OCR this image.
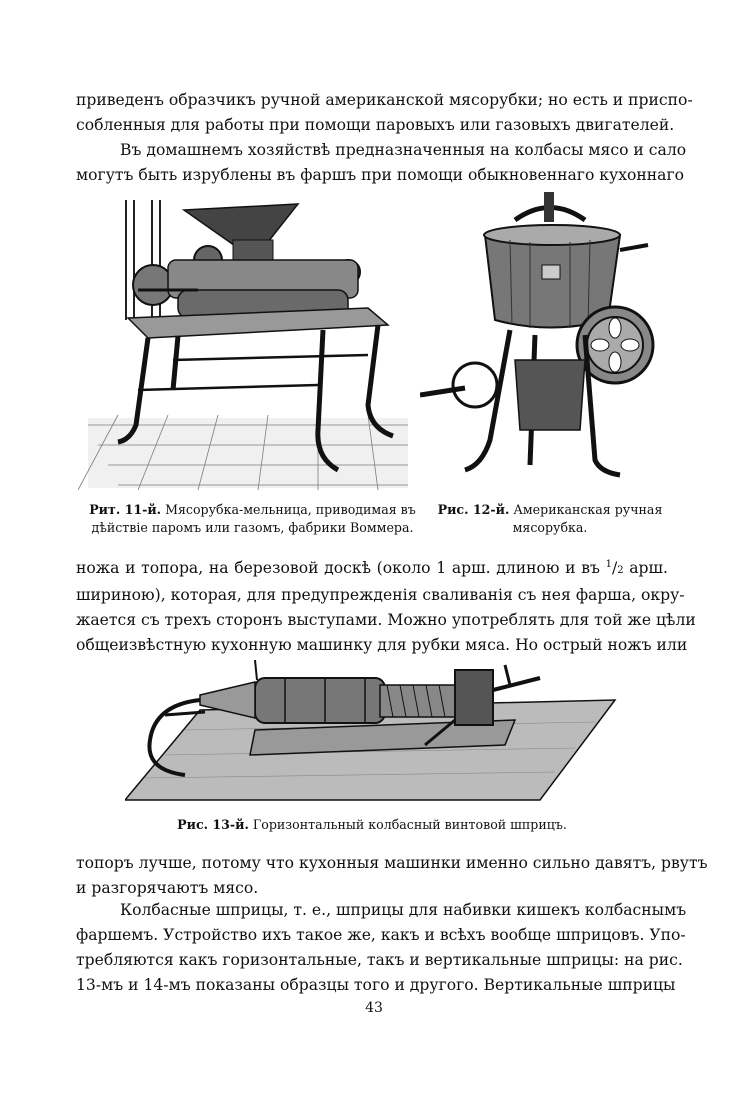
приведенъ образчикъ ручной американской мясорубки; но есть и приспо-
собленныя для работы при помощи паровыхъ или газовыхъ двигателей.
Въ домашнемъ хозяйствѣ предназначенныя на колбасы мясо и сало
могутъ быть изрублены въ фаршъ при помощи обыкновеннаго кухоннаго
Рит. 11-й. Мясорубка-мельница, приводимая въ
дѣйствіе паромъ или газомъ, фабрики Воммера.
Рис. 12-й. Американская ручная
мясорубка.
ножа и топора, на березовой доскѣ (около 1 арш. длиною и въ $^1$/2 арш.
шириною), которая, для предупрежденія сваливанія съ нея фарша, окру-
жается съ трехъ сторонъ выступами. Можно употреблять для той же цѣли
общеизвѣстную кухонную машинку для рубки мяса. Но острый ножъ или
Рис. 13-й. Горизонтальный колбасный винтовой шприцъ.
топоръ лучше, потому что кухонныя машинки именно сильно давятъ, рвутъ
и разгорячаютъ мясо.
Колбасные шприцы, т. е., шприцы для набивки кишекъ колбаснымъ
фаршемъ. Устройство ихъ такое же, какъ и всѣхъ вообще шприцовъ. Упо-
требляются какъ горизонтальные, такъ и вертикальные шприцы: на рис.
13-мъ и 14-мъ показаны образцы того и другого. Вертикальные шприцы
43
